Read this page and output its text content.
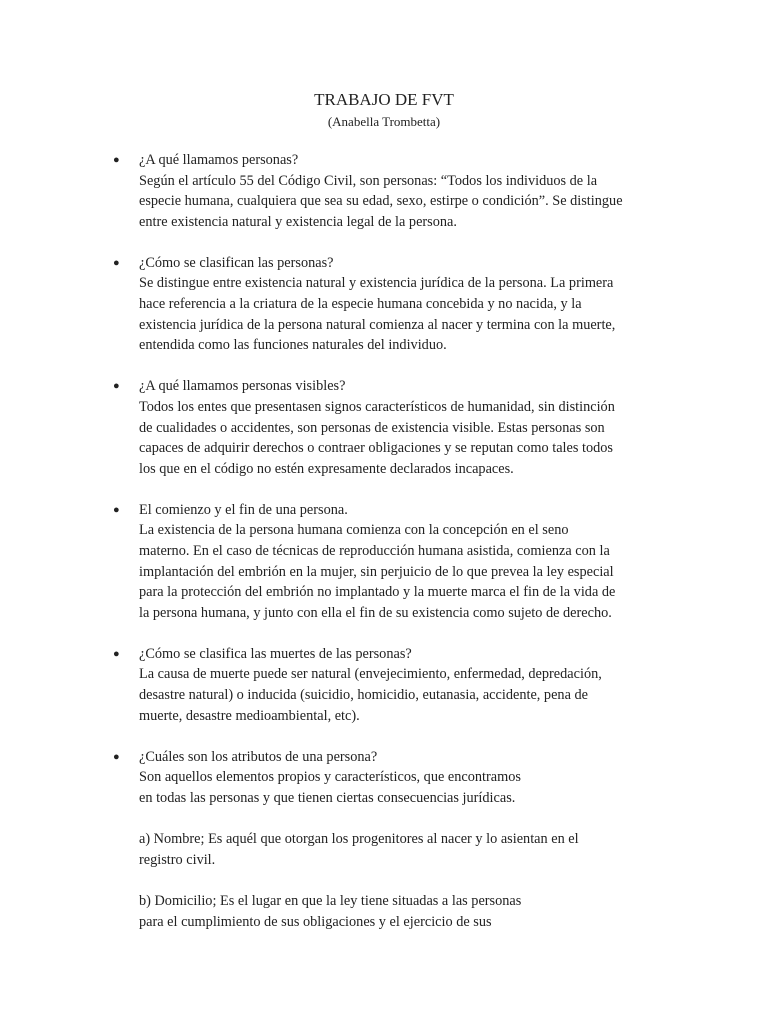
TRABAJO DE FVT
(Anabella Trombetta)
● ¿A qué llamamos personas?
Según el artículo 55 del Código Civil, son personas: “Todos los individuos de la
especie humana, cualquiera que sea su edad, sexo, estirpe o condición”. Se distingue
entre existencia natural y existencia legal de la persona.
● ¿Cómo se clasifican las personas?
Se distingue entre existencia natural y existencia jurídica de la persona. La primera
hace referencia a la criatura de la especie humana concebida y no nacida, y la
existencia jurídica de la persona natural comienza al nacer y termina con la muerte,
entendida como las funciones naturales del individuo.
● ¿A qué llamamos personas visibles?
Todos los entes que presentasen signos característicos de humanidad, sin distinción
de cualidades o accidentes, son personas de existencia visible. Estas personas son
capaces de adquirir derechos o contraer obligaciones y se reputan como tales todos
los que en el código no estén expresamente declarados incapaces.
● El comienzo y el fin de una persona.
La existencia de la persona humana comienza con la concepción en el seno
materno. En el caso de técnicas de reproducción humana asistida, comienza con la
implantación del embrión en la mujer, sin perjuicio de lo que prevea la ley especial
para la protección del embrión no implantado y la muerte marca el fin de la vida de
la persona humana, y junto con ella el fin de su existencia como sujeto de derecho.
● ¿Cómo se clasifica las muertes de las personas?
La causa de muerte puede ser natural (envejecimiento, enfermedad, depredación,
desastre natural) o inducida (suicidio, homicidio, eutanasia, accidente, pena de
muerte, desastre medioambiental, etc).
● ¿Cuáles son los atributos de una persona?
Son aquellos elementos propios y característicos, que encontramos
en todas las personas y que tienen ciertas consecuencias jurídicas.
a) Nombre; Es aquél que otorgan los progenitores al nacer y lo asientan en el
registro civil.
b) Domicilio; Es el lugar en que la ley tiene situadas a las personas
para el cumplimiento de sus obligaciones y el ejercicio de sus
